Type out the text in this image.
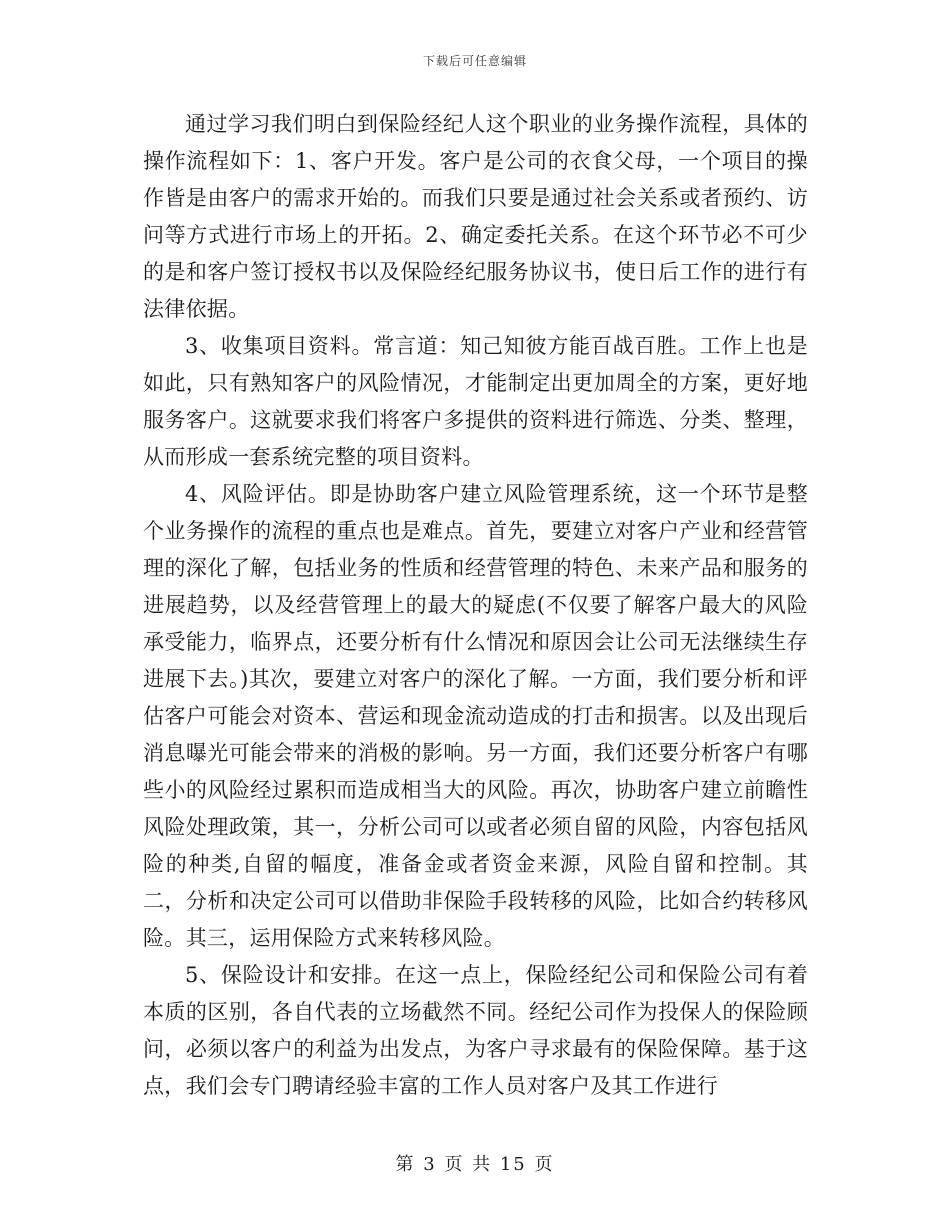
下载后可任意编辑

通过学习我们明白到保险经纪人这个职业的业务操作流程，具体的操作流程如下：1、客户开发。客户是公司的衣食父母，一个项目的操作皆是由客户的需求开始的。而我们只要是通过社会关系或者预约、访问等方式进行市场上的开拓。2、确定委托关系。在这个环节必不可少的是和客户签订授权书以及保险经纪服务协议书，使日后工作的进行有法律依据。

3、收集项目资料。常言道：知己知彼方能百战百胜。工作上也是如此，只有熟知客户的风险情况，才能制定出更加周全的方案，更好地服务客户。这就要求我们将客户多提供的资料进行筛选、分类、整理，从而形成一套系统完整的项目资料。

4、风险评估。即是协助客户建立风险管理系统，这一个环节是整个业务操作的流程的重点也是难点。首先，要建立对客户产业和经营管理的深化了解，包括业务的性质和经营管理的特色、未来产品和服务的进展趋势，以及经营管理上的最大的疑虑(不仅要了解客户最大的风险承受能力，临界点，还要分析有什么情况和原因会让公司无法继续生存进展下去。)其次，要建立对客户的深化了解。一方面，我们要分析和评估客户可能会对资本、营运和现金流动造成的打击和损害。以及出现后消息曝光可能会带来的消极的影响。另一方面，我们还要分析客户有哪些小的风险经过累积而造成相当大的风险。再次，协助客户建立前瞻性风险处理政策，其一，分析公司可以或者必须自留的风险，内容包括风险的种类,自留的幅度，准备金或者资金来源，风险自留和控制。其二，分析和决定公司可以借助非保险手段转移的风险，比如合约转移风险。其三，运用保险方式来转移风险。

5、保险设计和安排。在这一点上，保险经纪公司和保险公司有着本质的区别，各自代表的立场截然不同。经纪公司作为投保人的保险顾问，必须以客户的利益为出发点，为客户寻求最有的保险保障。基于这点，我们会专门聘请经验丰富的工作人员对客户及其工作进行

第 3 页 共 15 页
